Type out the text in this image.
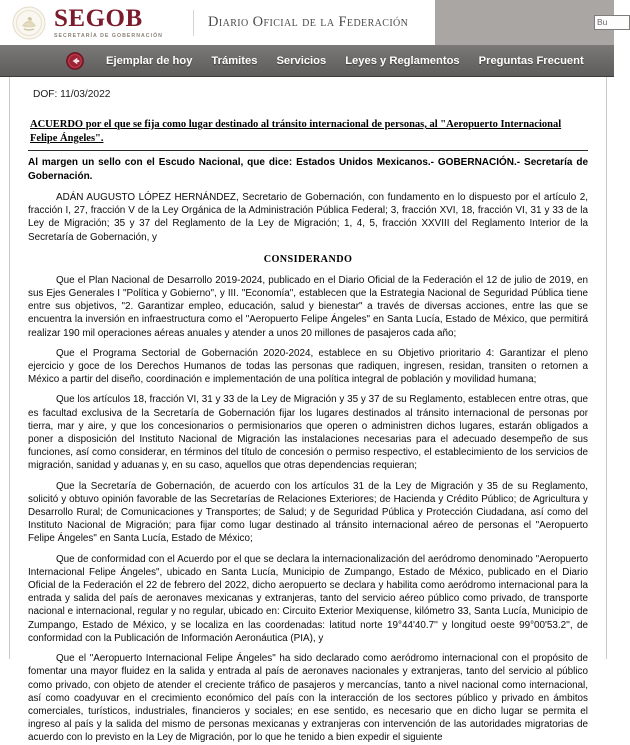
SEGOB
SECRETARÍA DE GOBERNACIÓN
Diario Oficial de la Federación
Bu
Ejemplar de hoy Trámites Servicios Leyes y Reglamentos Preguntas Frecuent
DOF: 11/03/2022
ACUERDO por el que se fija como lugar destinado al tránsito internacional de personas, al "Aeropuerto Internacional Felipe Ángeles".

Al margen un sello con el Escudo Nacional, que dice: Estados Unidos Mexicanos.- GOBERNACIÓN.- Secretaría de Gobernación.

ADÁN AUGUSTO LÓPEZ HERNÁNDEZ, Secretario de Gobernación, con fundamento en lo dispuesto por el artículo 2, fracción I, 27, fracción V de la Ley Orgánica de la Administración Pública Federal; 3, fracción XVI, 18, fracción VI, 31 y 33 de la Ley de Migración; 35 y 37 del Reglamento de la Ley de Migración; 1, 4, 5, fracción XXVIII del Reglamento Interior de la Secretaría de Gobernación, y

CONSIDERANDO

Que el Plan Nacional de Desarrollo 2019-2024, publicado en el Diario Oficial de la Federación el 12 de julio de 2019, en sus Ejes Generales I "Política y Gobierno", y III. "Economía", establecen que la Estrategia Nacional de Seguridad Pública tiene entre sus objetivos, "2. Garantizar empleo, educación, salud y bienestar" a través de diversas acciones, entre las que se encuentra la inversión en infraestructura como el "Aeropuerto Felipe Ángeles" en Santa Lucía, Estado de México, que permitirá realizar 190 mil operaciones aéreas anuales y atender a unos 20 millones de pasajeros cada año;

Que el Programa Sectorial de Gobernación 2020-2024, establece en su Objetivo prioritario 4: Garantizar el pleno ejercicio y goce de los Derechos Humanos de todas las personas que radiquen, ingresen, residan, transiten o retornen a México a partir del diseño, coordinación e implementación de una política integral de población y movilidad humana;

Que los artículos 18, fracción VI, 31 y 33 de la Ley de Migración y 35 y 37 de su Reglamento, establecen entre otras, que es facultad exclusiva de la Secretaría de Gobernación fijar los lugares destinados al tránsito internacional de personas por tierra, mar y aire, y que los concesionarios o permisionarios que operen o administren dichos lugares, estarán obligados a poner a disposición del Instituto Nacional de Migración las instalaciones necesarias para el adecuado desempeño de sus funciones, así como considerar, en términos del título de concesión o permiso respectivo, el establecimiento de los servicios de migración, sanidad y aduanas y, en su caso, aquellos que otras dependencias requieran;

Que la Secretaría de Gobernación, de acuerdo con los artículos 31 de la Ley de Migración y 35 de su Reglamento, solicitó y obtuvo opinión favorable de las Secretarías de Relaciones Exteriores; de Hacienda y Crédito Público; de Agricultura y Desarrollo Rural; de Comunicaciones y Transportes; de Salud; y de Seguridad Pública y Protección Ciudadana, así como del Instituto Nacional de Migración; para fijar como lugar destinado al tránsito internacional aéreo de personas el "Aeropuerto Felipe Ángeles" en Santa Lucía, Estado de México;

Que de conformidad con el Acuerdo por el que se declara la internacionalización del aeródromo denominado "Aeropuerto Internacional Felipe Ángeles", ubicado en Santa Lucía, Municipio de Zumpango, Estado de México, publicado en el Diario Oficial de la Federación el 22 de febrero del 2022, dicho aeropuerto se declara y habilita como aeródromo internacional para la entrada y salida del país de aeronaves mexicanas y extranjeras, tanto del servicio aéreo público como privado, de transporte nacional e internacional, regular y no regular, ubicado en: Circuito Exterior Mexiquense, kilómetro 33, Santa Lucía, Municipio de Zumpango, Estado de México, y se localiza en las coordenadas: latitud norte 19°44'40.7'' y longitud oeste 99°00'53.2'', de conformidad con la Publicación de Información Aeronáutica (PIA), y

Que el "Aeropuerto Internacional Felipe Ángeles" ha sido declarado como aeródromo internacional con el propósito de fomentar una mayor fluidez en la salida y entrada al país de aeronaves nacionales y extranjeras, tanto del servicio al público como privado, con objeto de atender el creciente tráfico de pasajeros y mercancías, tanto a nivel nacional como internacional, así como coadyuvar en el crecimiento económico del país con la interacción de los sectores público y privado en ámbitos comerciales, turísticos, industriales, financieros y sociales; en ese sentido, es necesario que en dicho lugar se permita el ingreso al país y la salida del mismo de personas mexicanas y extranjeras con intervención de las autoridades migratorias de acuerdo con lo previsto en la Ley de Migración, por lo que he tenido a bien expedir el siguiente
